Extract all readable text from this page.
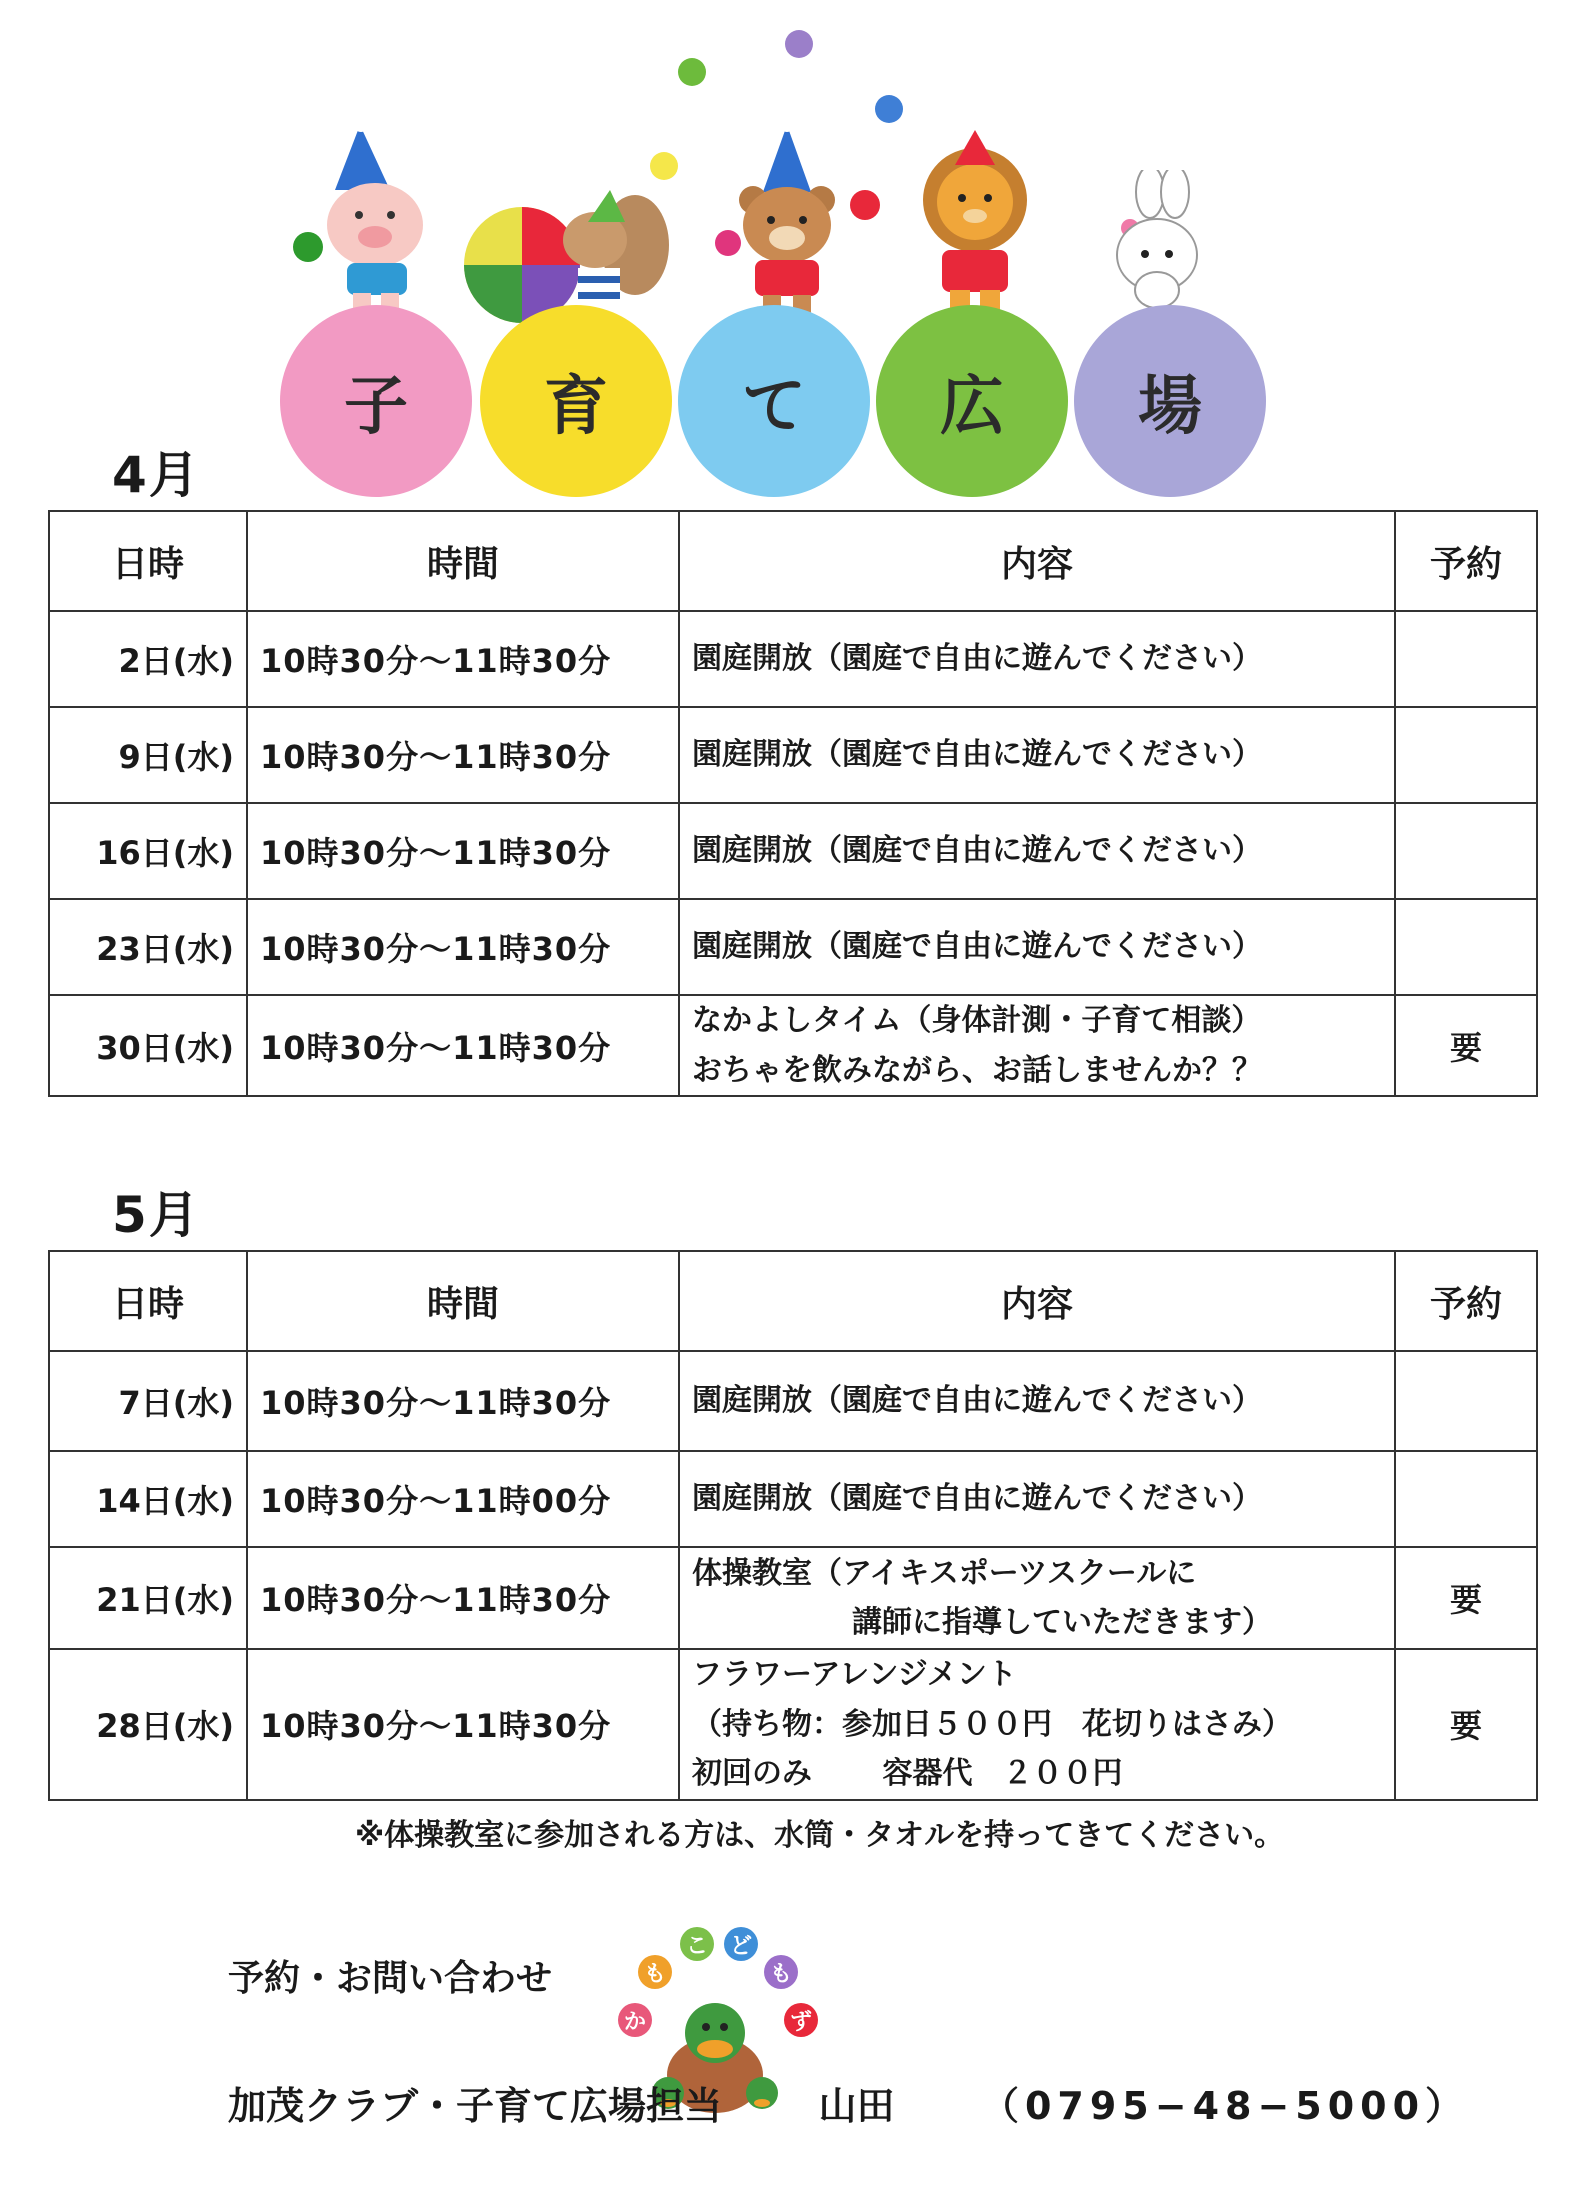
子 育 て 広 場
4月
日時	時間	内容	予約
2日(水)	10時30分～11時30分	園庭開放（園庭で自由に遊んでください）	
9日(水)	10時30分～11時30分	園庭開放（園庭で自由に遊んでください）	
16日(水)	10時30分～11時30分	園庭開放（園庭で自由に遊んでください）	
23日(水)	10時30分～11時30分	園庭開放（園庭で自由に遊んでください）	
30日(水)	10時30分～11時30分	なかよしタイム（身体計測・子育て相談）
おちゃを飲みながら、お話しませんか？？	要
5月
日時	時間	内容	予約
7日(水)	10時30分～11時30分	園庭開放（園庭で自由に遊んでください）	
14日(水)	10時30分～11時00分	園庭開放（園庭で自由に遊んでください）	
21日(水)	10時30分～11時30分	体操教室（アイキスポーツスクールに
講師に指導していただきます）	要
28日(水)	10時30分～11時30分	フラワーアレンジメント
（持ち物：参加日５００円　花切りはさみ）
初回のみ　　 容器代　２００円	要
※体操教室に参加される方は、水筒・タオルを持ってきてください。
予約・お問い合わせ
か
も
こ ど
も
ず
加茂クラブ・子育て広場担当	山田 （0795−48−5000）
